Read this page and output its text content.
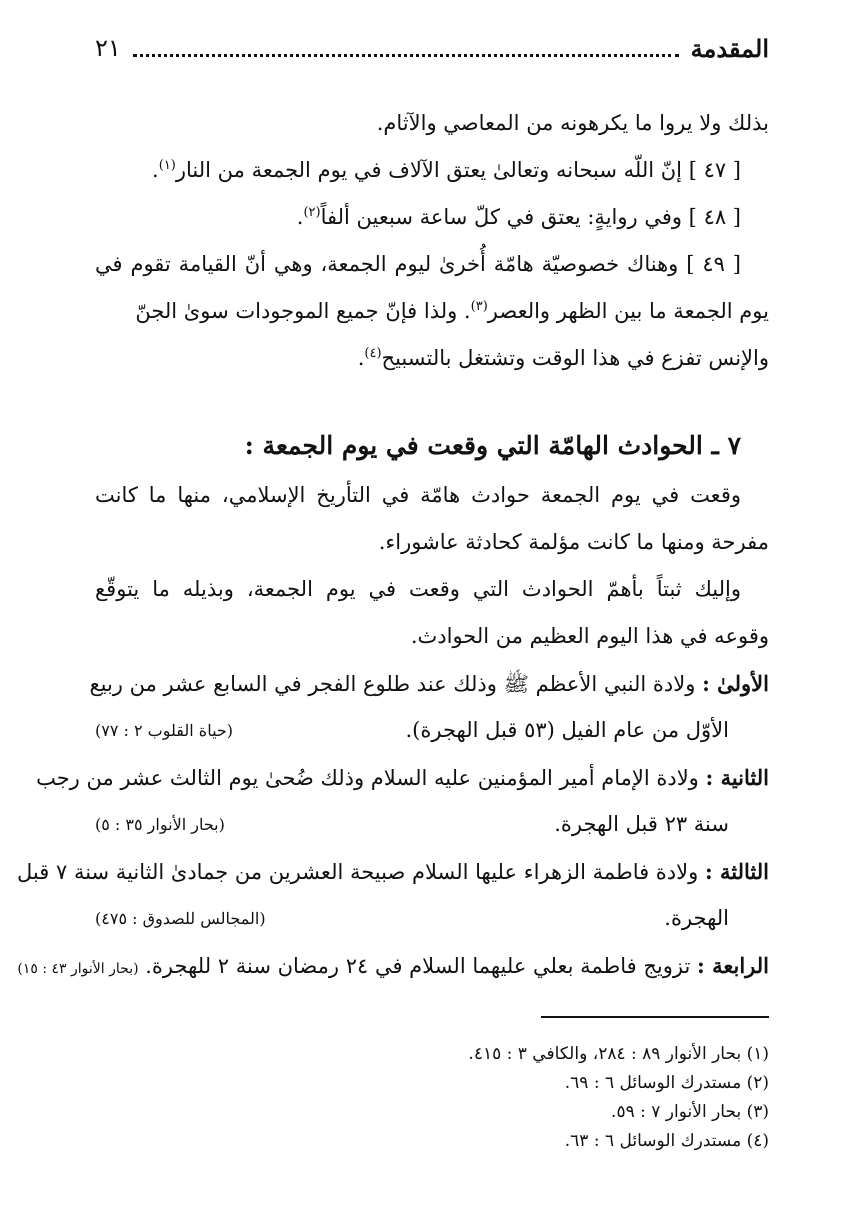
المقدمة
٢١
بذلك ولا يروا ما يكرهونه من المعاصي والآثام.
[ ٤٧ ] إنّ اللّه سبحانه وتعالىٰ يعتق الآلاف في يوم الجمعة من النار$^{(١)}$.
[ ٤٨ ] وفي روايةٍ: يعتق في كلّ ساعة سبعين ألفاً$^{(٢)}$.
[ ٤٩ ] وهناك خصوصيّة هامّة أُخرىٰ ليوم الجمعة، وهي أنّ القيامة تقوم في
يوم الجمعة ما بين الظهر والعصر$^{(٣)}$. ولذا فإنّ جميع الموجودات سوىٰ الجنّ
والإنس تفزع في هذا الوقت وتشتغل بالتسبيح$^{(٤)}$.
٧ ـ الحوادث الهامّة التي وقعت في يوم الجمعة :
وقعت في يوم الجمعة حوادث هامّة في التأريخ الإسلامي، منها ما كانت
مفرحة ومنها ما كانت مؤلمة كحادثة عاشوراء.
وإليك ثبتاً بأهمّ الحوادث التي وقعت في يوم الجمعة، وبذيله ما يتوقّع
وقوعه في هذا اليوم العظيم من الحوادث.
الأولىٰ : ولادة النبي الأعظم ﷺ وذلك عند طلوع الفجر في السابع عشر من ربيع
الأوّل من عام الفيل (٥٣ قبل الهجرة).
(حياة القلوب ٢ : ٧٧)
الثانية : ولادة الإمام أمير المؤمنين عليه السلام وذلك ضُحىٰ يوم الثالث عشر من رجب
سنة ٢٣ قبل الهجرة.
(بحار الأنوار ٣٥ : ٥)
الثالثة : ولادة فاطمة الزهراء عليها السلام صبيحة العشرين من جمادىٰ الثانية سنة ٧ قبل
الهجرة.
(المجالس للصدوق : ٤٧٥)
الرابعة : تزويج فاطمة بعلي عليهما السلام في ٢٤ رمضان سنة ٢ للهجرة. (بحار الأنوار ٤٣ : ١٥)
(١) بحار الأنوار ٨٩ : ٢٨٤، والكافي ٣ : ٤١٥.
(٢) مستدرك الوسائل ٦ : ٦٩.
(٣) بحار الأنوار ٧ : ٥٩.
(٤) مستدرك الوسائل ٦ : ٦٣.
